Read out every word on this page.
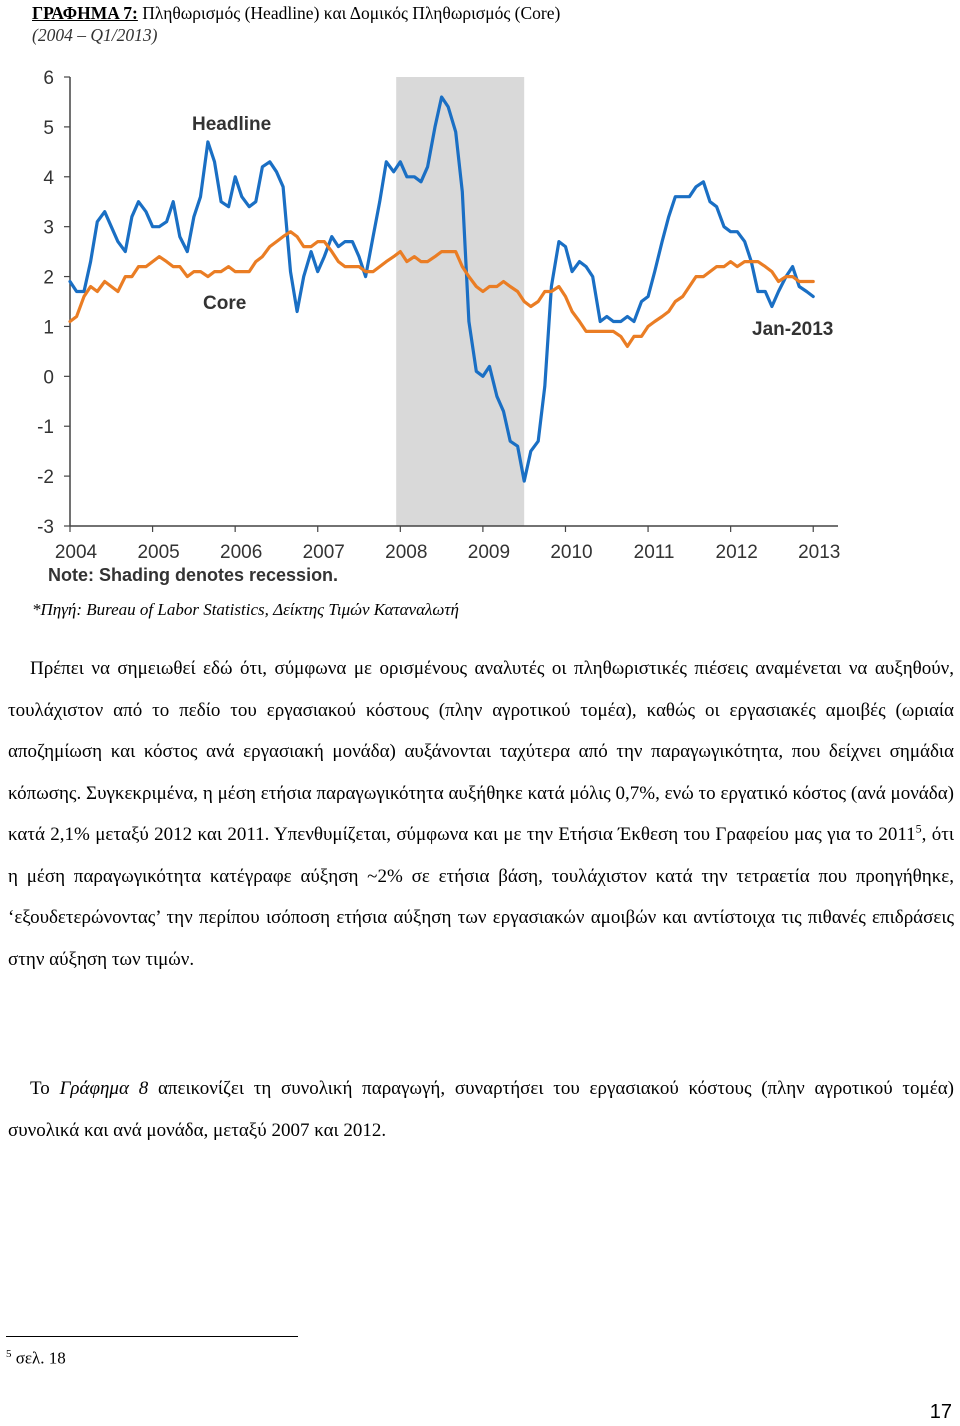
ΓΡΑΦΗΜΑ 7: Πληθωρισμός (Headline) και Δομικός Πληθωρισμός (Core)
(2004 – Q1/2013)
6
5
4
3
2
1
0
-1
-2
-3
2004 2005 2006 2007 2008 2009 2010 2011 2012 2013
Headline
Core
Jan-2013
Note: Shading denotes recession.
*Πηγή: Bureau of Labor Statistics, Δείκτης Τιμών Καταναλωτή

Πρέπει να σημειωθεί εδώ ότι, σύμφωνα με ορισμένους αναλυτές οι πληθωριστικές πιέσεις αναμένεται να αυξηθούν, τουλάχιστον από το πεδίο του εργασιακού κόστους (πλην αγροτικού τομέα), καθώς οι εργασιακές αμοιβές (ωριαία αποζημίωση και κόστος ανά εργασιακή μονάδα) αυξάνονται ταχύτερα από την παραγωγικότητα, που δείχνει σημάδια κόπωσης. Συγκεκριμένα, η μέση ετήσια παραγωγικότητα αυξήθηκε κατά μόλις 0,7%, ενώ το εργατικό κόστος (ανά μονάδα) κατά 2,1% μεταξύ 2012 και 2011. Υπενθυμίζεται, σύμφωνα και με την Ετήσια Έκθεση του Γραφείου μας για το 2011$^5$, ότι η μέση παραγωγικότητα κατέγραφε αύξηση ~2% σε ετήσια βάση, τουλάχιστον κατά την τετραετία που προηγήθηκε, ‘εξουδετερώνοντας’ την περίπου ισόποση ετήσια αύξηση των εργασιακών αμοιβών και αντίστοιχα τις πιθανές επιδράσεις στην αύξηση των τιμών.

Το Γράφημα 8 απεικονίζει τη συνολική παραγωγή, συναρτήσει του εργασιακού κόστους (πλην αγροτικού τομέα) συνολικά και ανά μονάδα, μεταξύ 2007 και 2012.

$^5$ σελ. 18
17
